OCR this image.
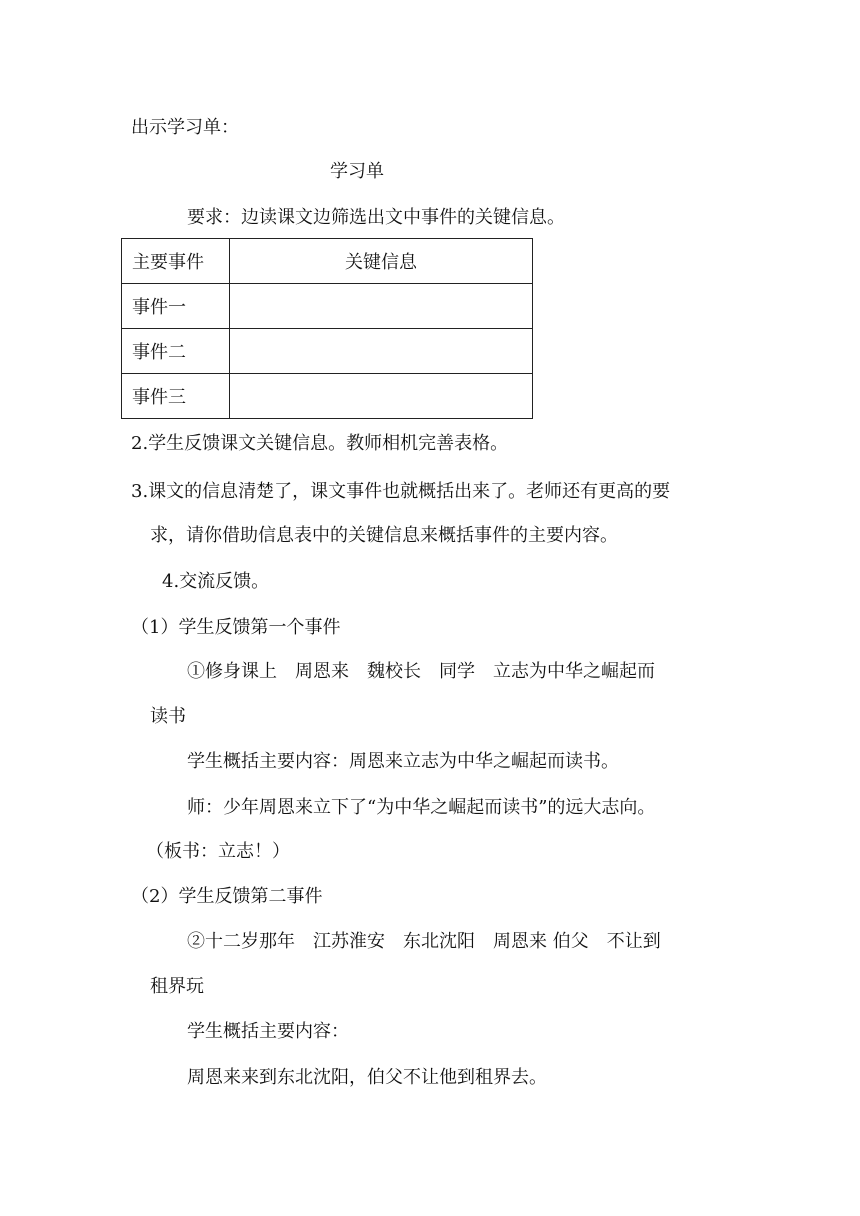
出示学习单：
学习单
要求：边读课文边筛选出文中事件的关键信息。
主要事件	关键信息
事件一	
事件二	
事件三	
2.学生反馈课文关键信息。教师相机完善表格。
3.课文的信息清楚了，课文事件也就概括出来了。老师还有更高的要
求，请你借助信息表中的关键信息来概括事件的主要内容。
4.交流反馈。
（1）学生反馈第一个事件
①修身课上　周恩来　魏校长　同学　立志为中华之崛起而
读书
学生概括主要内容：周恩来立志为中华之崛起而读书。
师：少年周恩来立下了“为中华之崛起而读书”的远大志向。
（板书：立志！）
（2）学生反馈第二事件
②十二岁那年　江苏淮安　东北沈阳　周恩来 伯父　不让到
租界玩
学生概括主要内容：
周恩来来到东北沈阳，伯父不让他到租界去。
